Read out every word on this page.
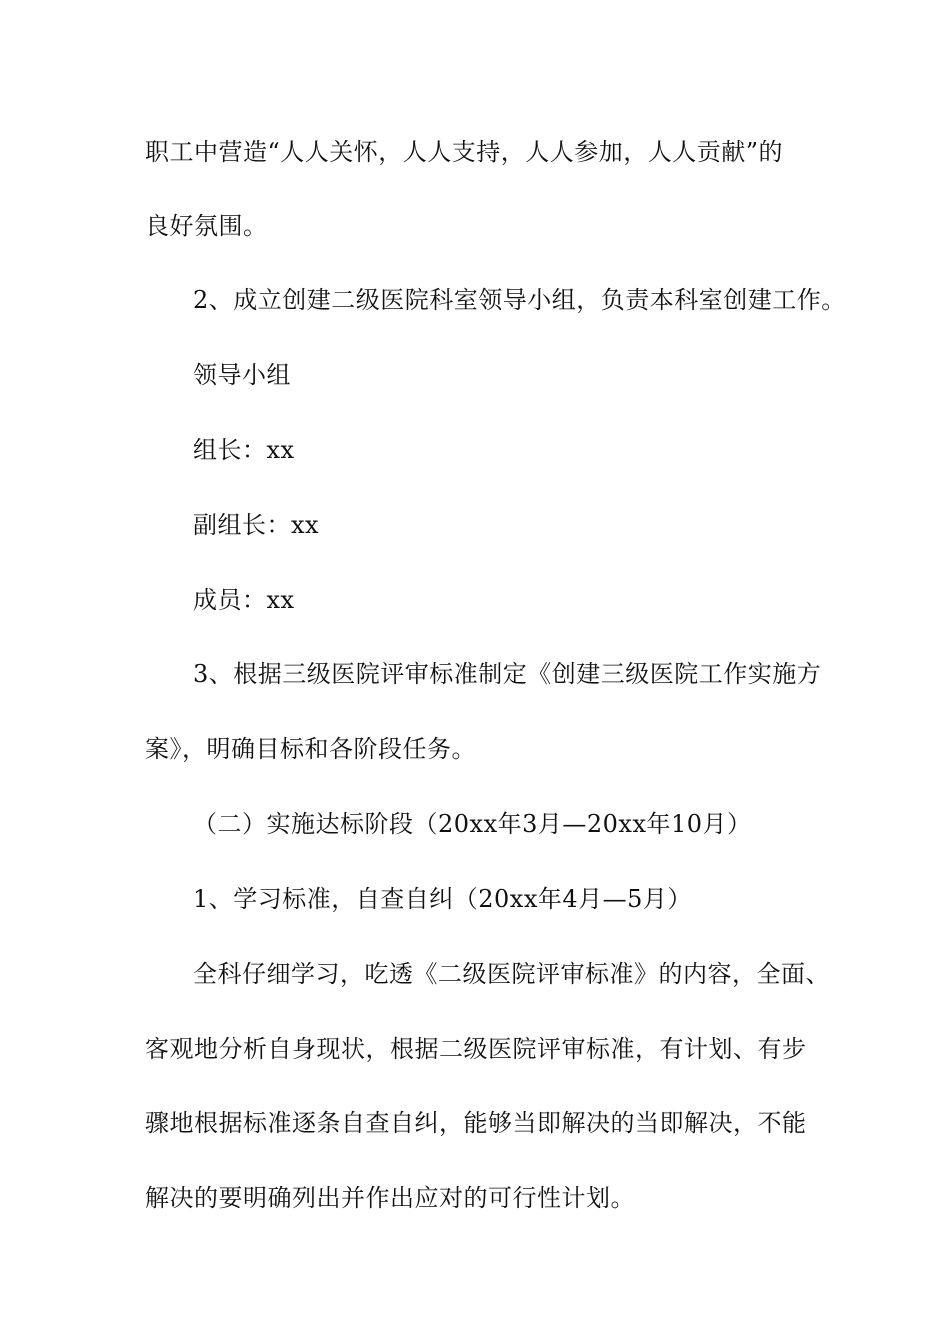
职工中营造“人人关怀，人人支持，人人参加，人人贡献”的
良好氛围。
2、成立创建二级医院科室领导小组，负责本科室创建工作。
领导小组
组长：xx
副组长：xx
成员：xx
3、根据三级医院评审标准制定《创建三级医院工作实施方
案》，明确目标和各阶段任务。
（二）实施达标阶段（20xx年3月—20xx年10月）
1、学习标准，自查自纠（20xx年4月—5月）
全科仔细学习，吃透《二级医院评审标准》的内容，全面、
客观地分析自身现状，根据二级医院评审标准，有计划、有步
骤地根据标准逐条自查自纠，能够当即解决的当即解决，不能
解决的要明确列出并作出应对的可行性计划。
